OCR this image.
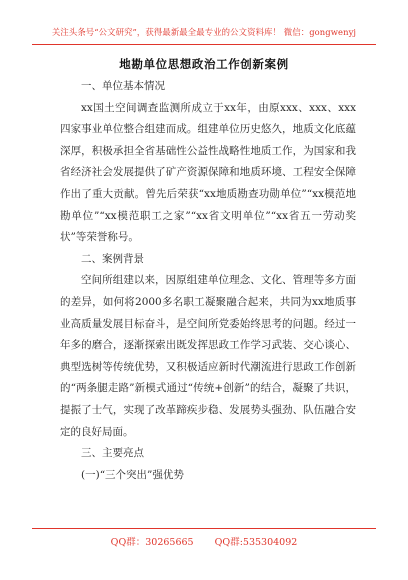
关注头条号“公文研究”，获得最新最全最专业的公文资料库！ 微信：gongwenyj
地勘单位思想政治工作创新案例

一、单位基本情况

xx国土空间调查监测所成立于xx年，由原xxx、xxx、xxx四家事业单位整合组建而成。组建单位历史悠久，地质文化底蕴深厚，积极承担全省基础性公益性战略性地质工作，为国家和我省经济社会发展提供了矿产资源保障和地质环境、工程安全保障作出了重大贡献。曾先后荣获“xx地质勘查功勋单位”“xx模范地勘单位”“xx模范职工之家”“xx省文明单位”“xx省五一劳动奖状”等荣誉称号。

二、案例背景

空间所组建以来，因原组建单位理念、文化、管理等多方面的差异，如何将2000多名职工凝聚融合起来，共同为xx地质事业高质量发展目标奋斗，是空间所党委始终思考的问题。经过一年多的磨合，逐渐探索出既发挥思政工作学习武装、交心谈心、典型选树等传统优势，又积极适应新时代潮流进行思政工作创新的“两条腿走路”新模式通过“传统+创新”的结合，凝聚了共识，提振了士气，实现了改革蹄疾步稳、发展势头强劲、队伍融合安定的良好局面。

三、主要亮点

(一)“三个突出”强优势

QQ群：30265665 QQ群:535304092
